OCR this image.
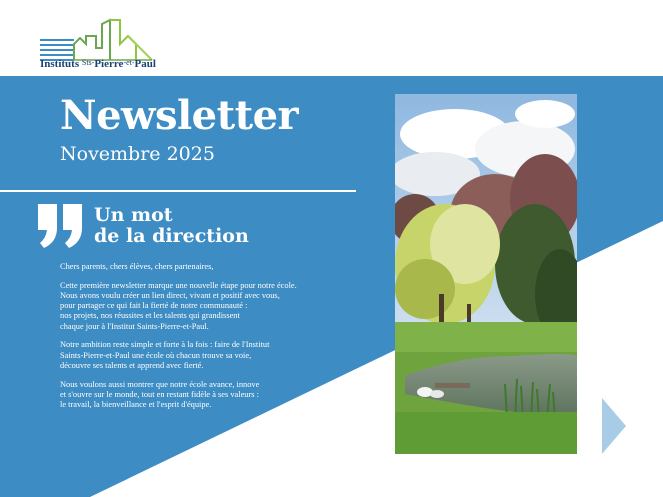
Instituts Sts-Pierre-et-Paul
Newsletter
Novembre 2025
Un mot
de la direction

Chers parents, chers élèves, chers partenaires,

Cette première newsletter marque une nouvelle étape pour notre école.
Nous avons voulu créer un lien direct, vivant et positif avec vous,
pour partager ce qui fait la fierté de notre communauté :
nos projets, nos réussites et les talents qui grandissent
chaque jour à l'Institut Saints-Pierre-et-Paul.

Notre ambition reste simple et forte à la fois : faire de l'Institut
Saints-Pierre-et-Paul une école où chacun trouve sa voie,
découvre ses talents et apprend avec fierté.

Nous voulons aussi montrer que notre école avance, innove
et s'ouvre sur le monde, tout en restant fidèle à ses valeurs :
le travail, la bienveillance et l'esprit d'équipe.
